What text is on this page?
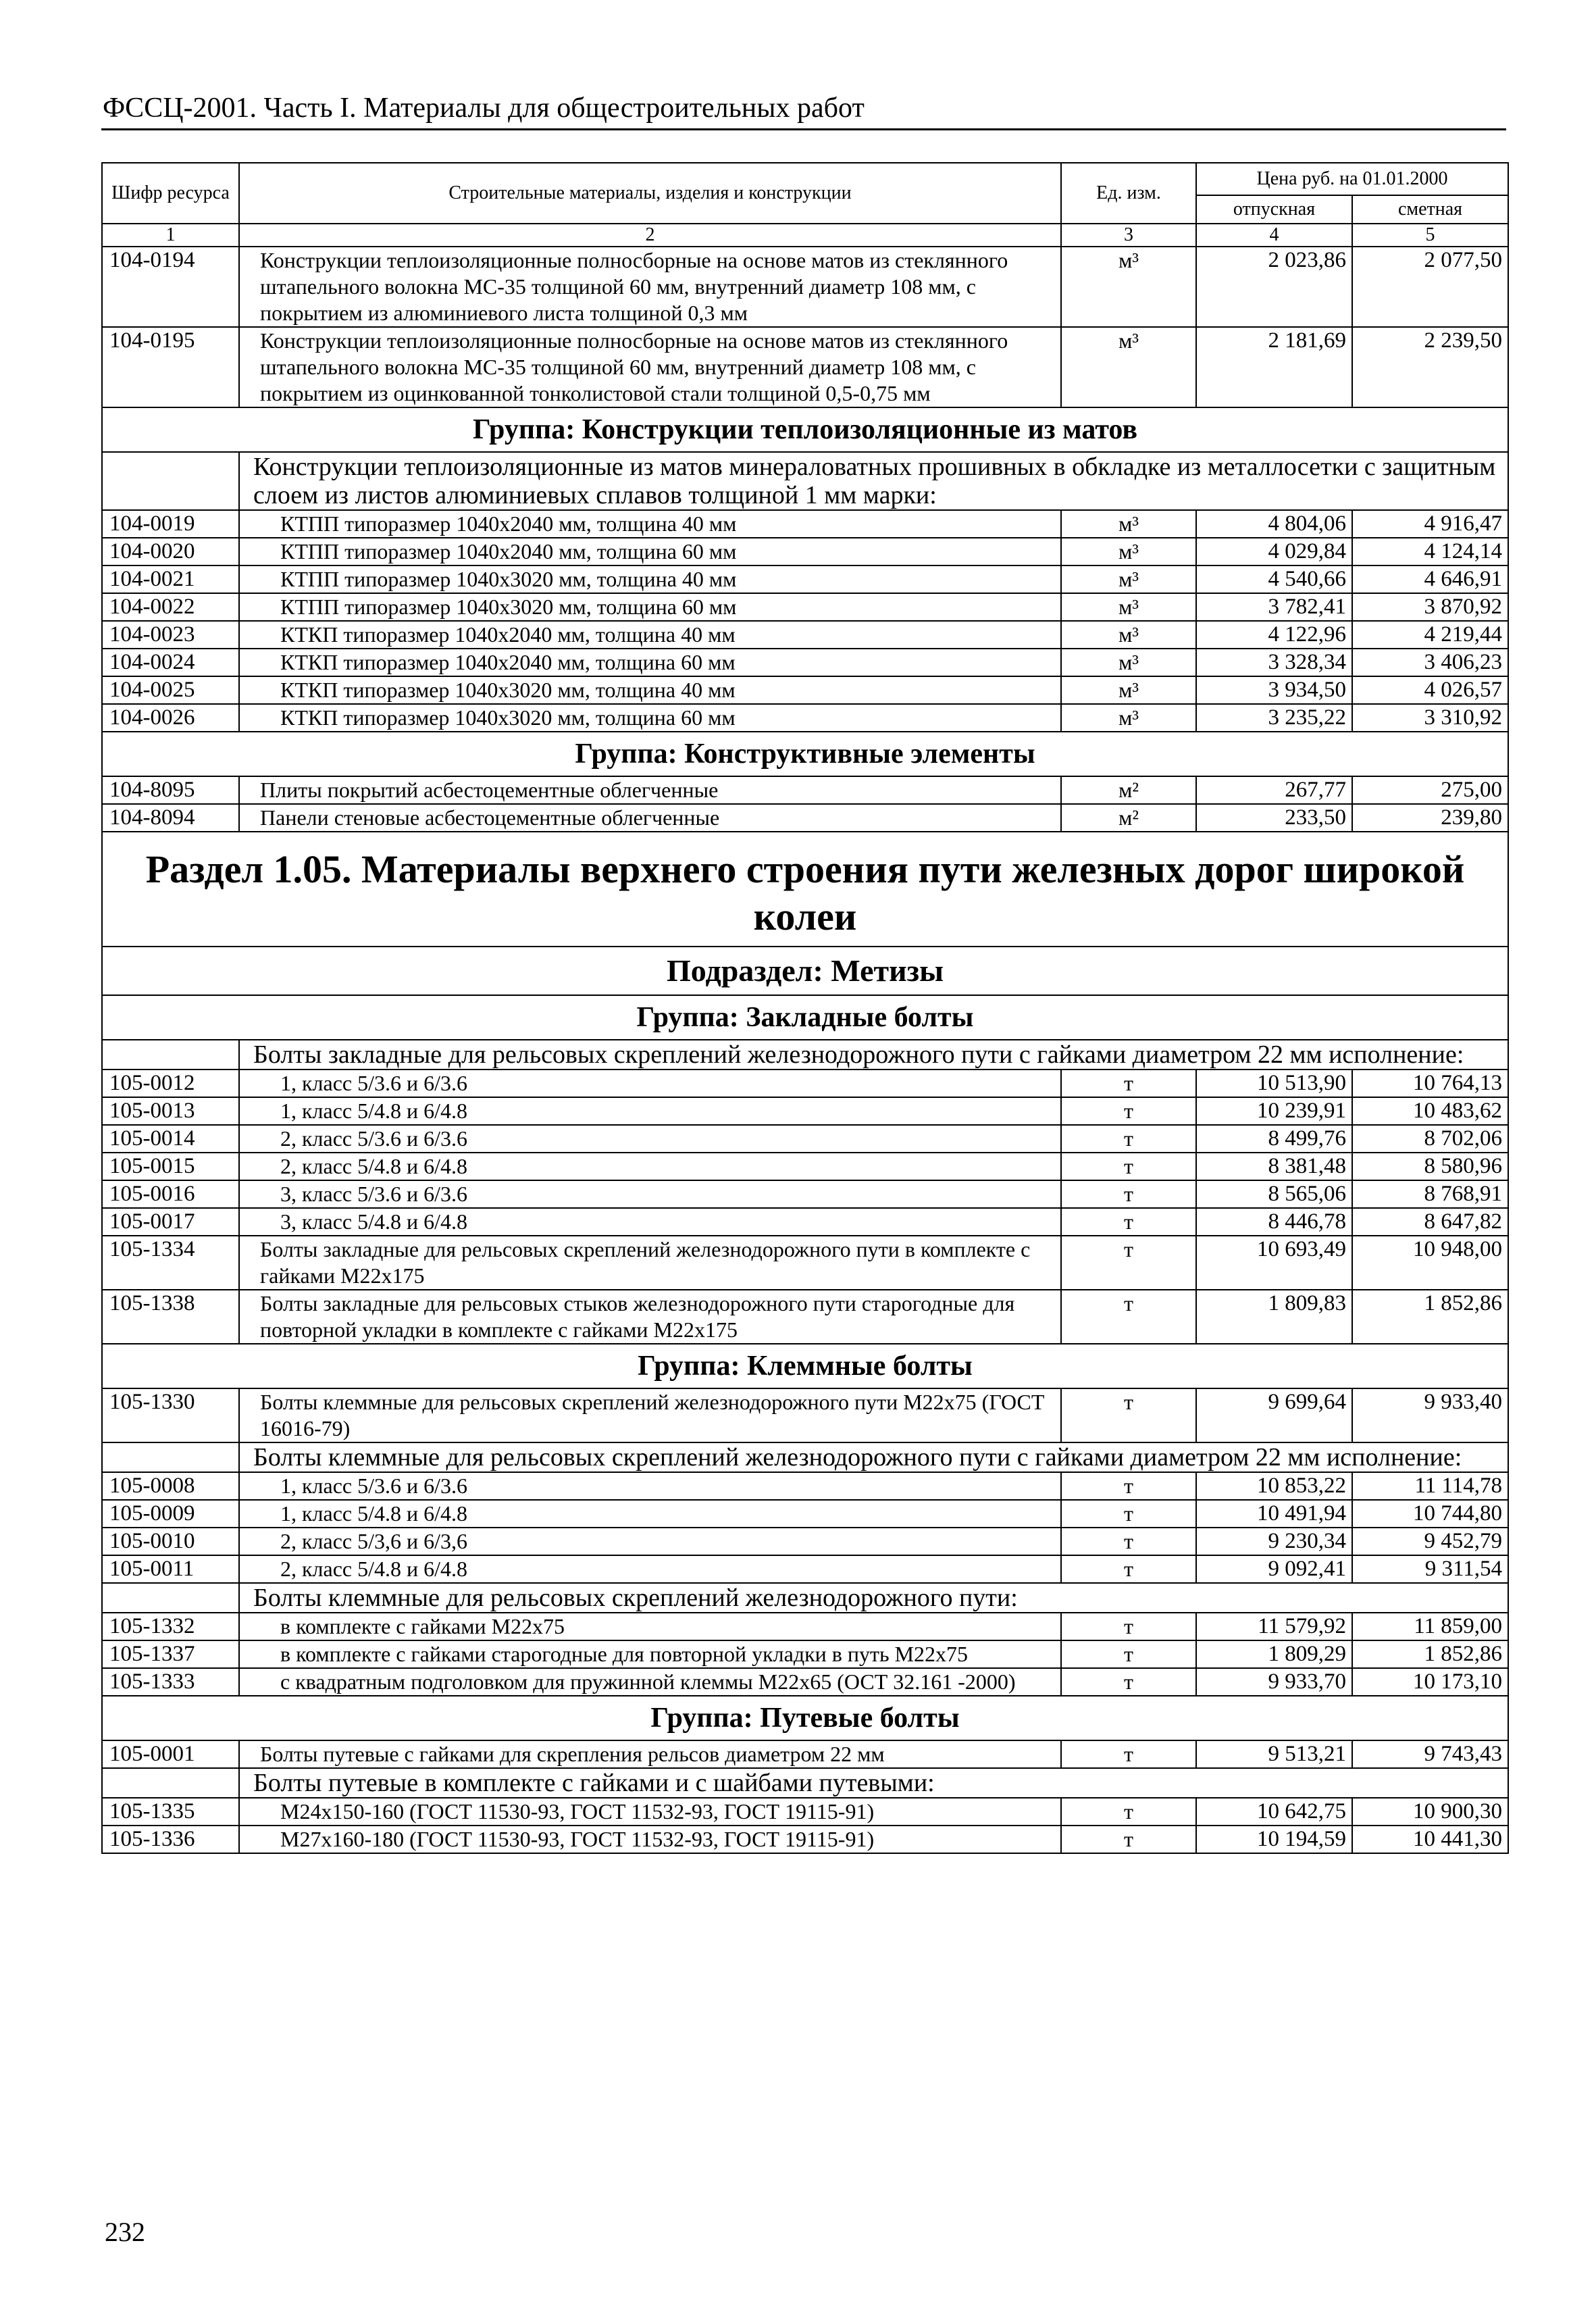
ФССЦ-2001. Часть I. Материалы для общестроительных работ
Шифр ресурса	Строительные материалы, изделия и конструкции	Ед. изм.	Цена руб. на 01.01.2000	
			отпускная	сметная
1	2	3	4	5
104-0194	Конструкции теплоизоляционные полносборные на основе матов из стеклянного штапельного волокна МС-35 толщиной 60 мм, внутренний диаметр 108 мм, с покрытием из алюминиевого листа толщиной 0,3 мм	м³	2 023,86	2 077,50
104-0195	Конструкции теплоизоляционные полносборные на основе матов из стеклянного штапельного волокна МС-35 толщиной 60 мм, внутренний диаметр 108 мм, с покрытием из оцинкованной тонколистовой стали толщиной 0,5-0,75 мм	м³	2 181,69	2 239,50
Группа: Конструкции теплоизоляционные из матов				
	Конструкции теплоизоляционные из матов минераловатных прошивных в обкладке из металлосетки с защитным слоем из листов алюминиевых сплавов толщиной 1 мм марки:			
104-0019	КТПП типоразмер 1040х2040 мм, толщина 40 мм	м³	4 804,06	4 916,47
104-0020	КТПП типоразмер 1040х2040 мм, толщина 60 мм	м³	4 029,84	4 124,14
104-0021	КТПП типоразмер 1040х3020 мм, толщина 40 мм	м³	4 540,66	4 646,91
104-0022	КТПП типоразмер 1040х3020 мм, толщина 60 мм	м³	3 782,41	3 870,92
104-0023	КТКП типоразмер 1040х2040 мм, толщина 40 мм	м³	4 122,96	4 219,44
104-0024	КТКП типоразмер 1040х2040 мм, толщина 60 мм	м³	3 328,34	3 406,23
104-0025	КТКП типоразмер 1040х3020 мм, толщина 40 мм	м³	3 934,50	4 026,57
104-0026	КТКП типоразмер 1040х3020 мм, толщина 60 мм	м³	3 235,22	3 310,92
Группа: Конструктивные элементы				
104-8095	Плиты покрытий асбестоцементные облегченные	м²	267,77	275,00
104-8094	Панели стеновые асбестоцементные облегченные	м²	233,50	239,80
Раздел 1.05. Материалы верхнего строения пути железных дорог широкой колеи				
Подраздел: Метизы				
Группа: Закладные болты				
	Болты закладные для рельсовых скреплений железнодорожного пути с гайками диаметром 22 мм исполнение:			
105-0012	1, класс 5/3.6 и 6/3.6	т	10 513,90	10 764,13
105-0013	1, класс 5/4.8 и 6/4.8	т	10 239,91	10 483,62
105-0014	2, класс 5/3.6 и 6/3.6	т	8 499,76	8 702,06
105-0015	2, класс 5/4.8 и 6/4.8	т	8 381,48	8 580,96
105-0016	3, класс 5/3.6 и 6/3.6	т	8 565,06	8 768,91
105-0017	3, класс 5/4.8 и 6/4.8	т	8 446,78	8 647,82
105-1334	Болты закладные для рельсовых скреплений железнодорожного пути в комплекте с гайками М22х175	т	10 693,49	10 948,00
105-1338	Болты закладные для рельсовых стыков железнодорожного пути старогодные для повторной укладки в комплекте с гайками М22х175	т	1 809,83	1 852,86
Группа: Клеммные болты				
105-1330	Болты клеммные для рельсовых скреплений железнодорожного пути М22х75 (ГОСТ 16016-79)	т	9 699,64	9 933,40
	Болты клеммные для рельсовых скреплений железнодорожного пути с гайками диаметром 22 мм исполнение:			
105-0008	1, класс 5/3.6 и 6/3.6	т	10 853,22	11 114,78
105-0009	1, класс 5/4.8 и 6/4.8	т	10 491,94	10 744,80
105-0010	2, класс 5/3,6 и 6/3,6	т	9 230,34	9 452,79
105-0011	2, класс 5/4.8 и 6/4.8	т	9 092,41	9 311,54
	Болты клеммные для рельсовых скреплений железнодорожного пути:			
105-1332	в комплекте с гайками М22х75	т	11 579,92	11 859,00
105-1337	в комплекте с гайками старогодные для повторной укладки в путь М22х75	т	1 809,29	1 852,86
105-1333	с квадратным подголовком для пружинной клеммы М22х65 (ОСТ 32.161 -2000)	т	9 933,70	10 173,10
Группа: Путевые болты				
105-0001	Болты путевые с гайками для скрепления рельсов диаметром 22 мм	т	9 513,21	9 743,43
	Болты путевые в комплекте с гайками и с шайбами путевыми:			
105-1335	М24х150-160 (ГОСТ 11530-93, ГОСТ 11532-93, ГОСТ 19115-91)	т	10 642,75	10 900,30
105-1336	М27х160-180 (ГОСТ 11530-93, ГОСТ 11532-93, ГОСТ 19115-91)	т	10 194,59	10 441,30
232
